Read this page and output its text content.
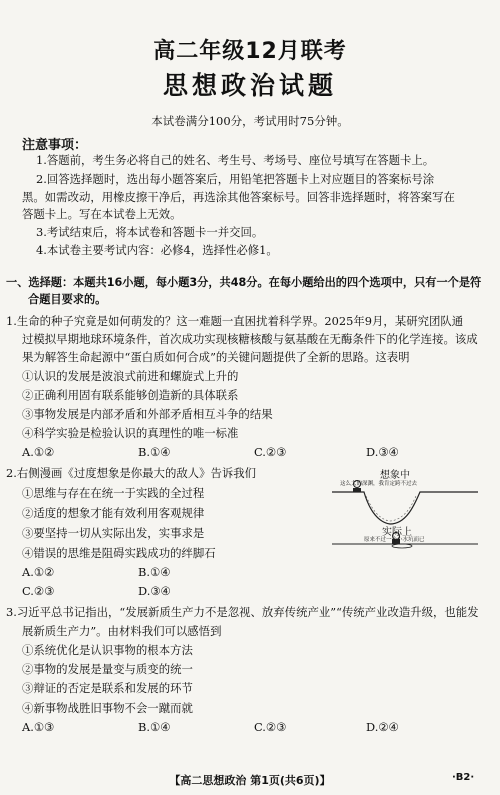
高二年级12月联考
思想政治试题
本试卷满分100分，考试用时75分钟。
注意事项：
1.答题前，考生务必将自己的姓名、考生号、考场号、座位号填写在答题卡上。
2.回答选择题时，选出每小题答案后，用铅笔把答题卡上对应题目的答案标号涂
黑。如需改动，用橡皮擦干净后，再选涂其他答案标号。回答非选择题时，将答案写在
答题卡上。写在本试卷上无效。
3.考试结束后，将本试卷和答题卡一并交回。
4.本试卷主要考试内容：必修4，选择性必修1。
一、选择题：本题共16小题，每小题3分，共48分。在每小题给出的四个选项中，只有一个是符
合题目要求的。
1.生命的种子究竟是如何萌发的？这一难题一直困扰着科学界。2025年9月，某研究团队通
过模拟早期地球环境条件，首次成功实现核糖核酸与氨基酸在无酶条件下的化学连接。该成
果为解答生命起源中“蛋白质如何合成”的关键问题提供了全新的思路。这表明
①认识的发展是波浪式前进和螺旋式上升的
②正确利用固有联系能够创造新的具体联系
③事物发展是内部矛盾和外部矛盾相互斗争的结果
④科学实验是检验认识的真理性的唯一标准
A.①②	B.①④	C.②③	D.③④
2.右侧漫画《过度想象是你最大的敌人》告诉我们
①思维与存在在统一于实践的全过程
②适度的想象才能有效利用客观规律
③要坚持一切从实际出发，实事求是
④错误的思维是阻碍实践成功的绊脚石
A.①②	B.①④
C.②③	D.③④
想象中
这么大的深渊，我肯定跨不过去
实际上
原来不过一个小水坑而已
3.习近平总书记指出，“发展新质生产力不是忽视、放弃传统产业”“传统产业改造升级，也能发
展新质生产力”。由材料我们可以感悟到
①系统优化是认识事物的根本方法
②事物的发展是量变与质变的统一
③辩证的否定是联系和发展的环节
④新事物战胜旧事物不会一蹴而就
A.①③	B.①④	C.②③	D.②④
【高二思想政治 第1页(共6页)】	·B2·
